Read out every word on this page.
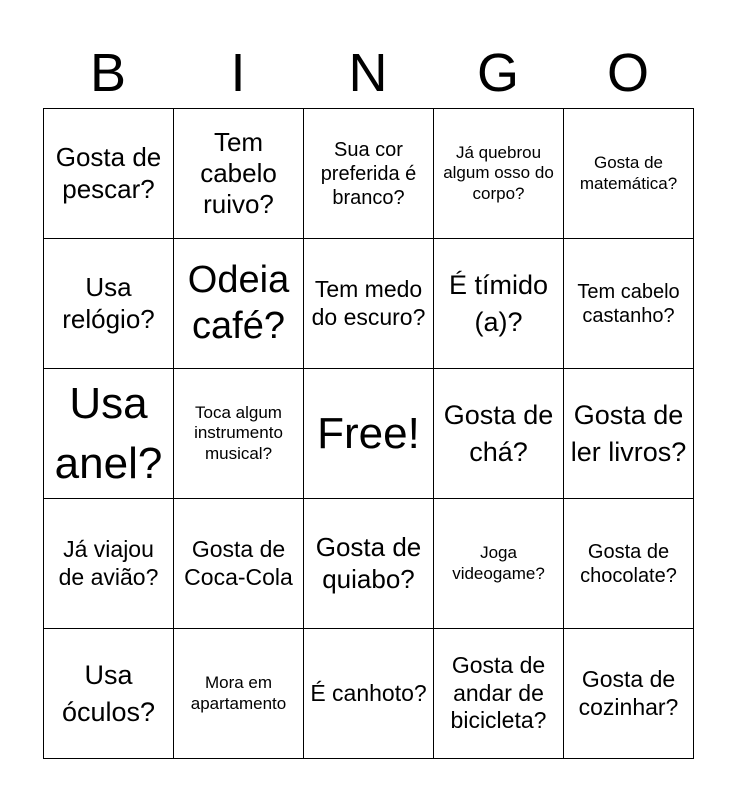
B	I	N	G	O
Gosta de pescar?	Tem cabelo ruivo?	Sua cor preferida é branco?	Já quebrou algum osso do corpo?	Gosta de matemática?
Usa relógio?	Odeia café?	Tem medo do escuro?	É tímido (a)?	Tem cabelo castanho?
Usa anel?	Toca algum instrumento musical?	Free!	Gosta de chá?	Gosta de ler livros?
Já viajou de avião?	Gosta de Coca-Cola	Gosta de quiabo?	Joga videogame?	Gosta de chocolate?
Usa óculos?	Mora em apartamento	É canhoto?	Gosta de andar de bicicleta?	Gosta de cozinhar?
